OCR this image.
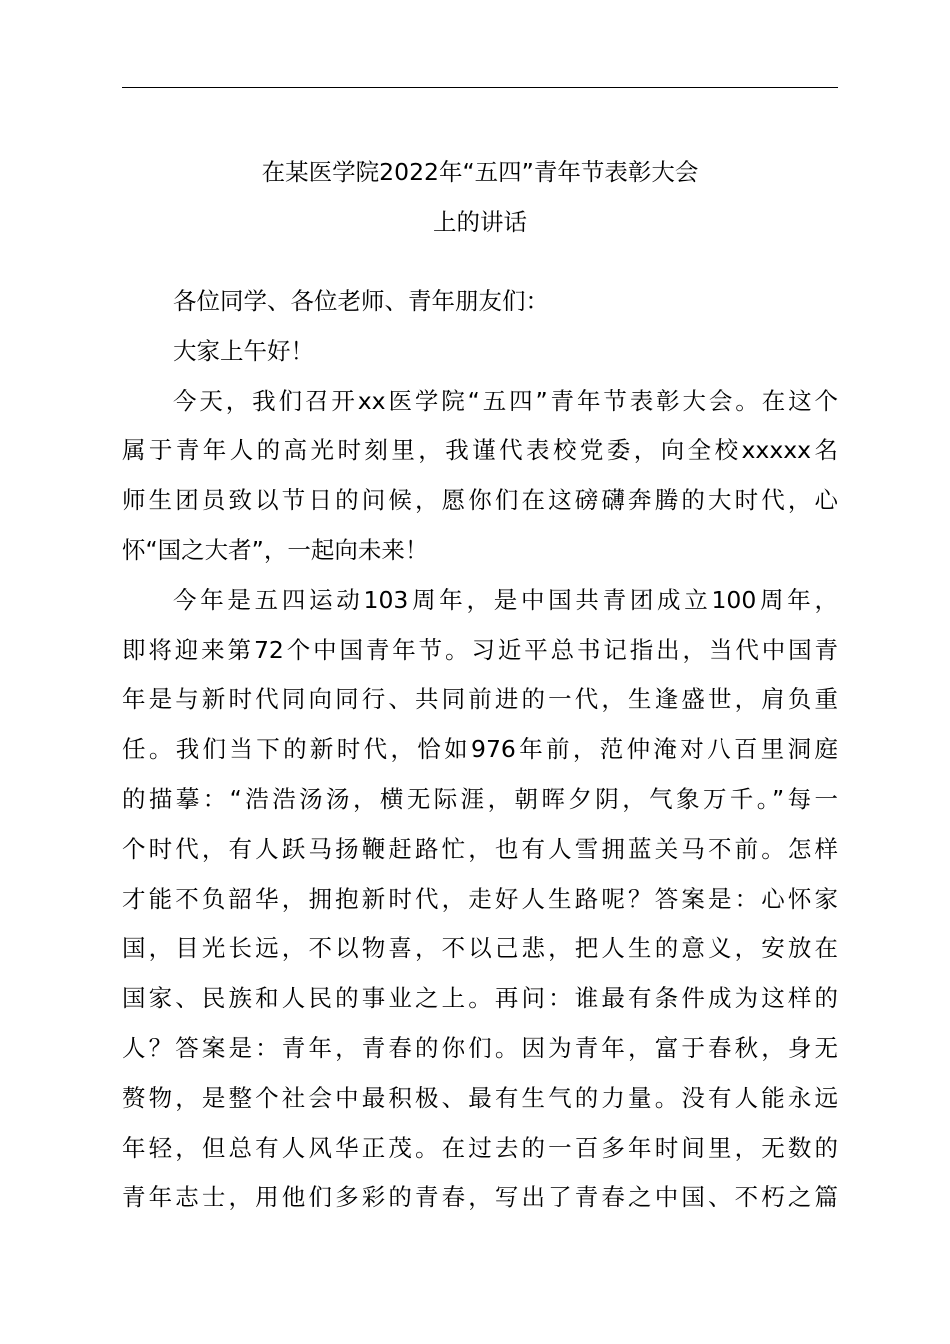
在某医学院2022年“五四”青年节表彰大会
上的讲话
各位同学、各位老师、青年朋友们：
大家上午好！
今天，我们召开xx医学院“五四”青年节表彰大会。在这个
属于青年人的高光时刻里，我谨代表校党委，向全校xxxxx名
师生团员致以节日的问候，愿你们在这磅礴奔腾的大时代，心
怀“国之大者”，一起向未来！
今年是五四运动103周年，是中国共青团成立100周年，
即将迎来第72个中国青年节。习近平总书记指出，当代中国青
年是与新时代同向同行、共同前进的一代，生逢盛世，肩负重
任。我们当下的新时代，恰如976年前，范仲淹对八百里洞庭
的描摹：“浩浩汤汤，横无际涯，朝晖夕阴，气象万千。”每一
个时代，有人跃马扬鞭赶路忙，也有人雪拥蓝关马不前。怎样
才能不负韶华，拥抱新时代，走好人生路呢？答案是：心怀家
国，目光长远，不以物喜，不以己悲，把人生的意义，安放在
国家、民族和人民的事业之上。再问：谁最有条件成为这样的
人？答案是：青年，青春的你们。因为青年，富于春秋，身无
赘物，是整个社会中最积极、最有生气的力量。没有人能永远
年轻，但总有人风华正茂。在过去的一百多年时间里，无数的
青年志士，用他们多彩的青春，写出了青春之中国、不朽之篇
